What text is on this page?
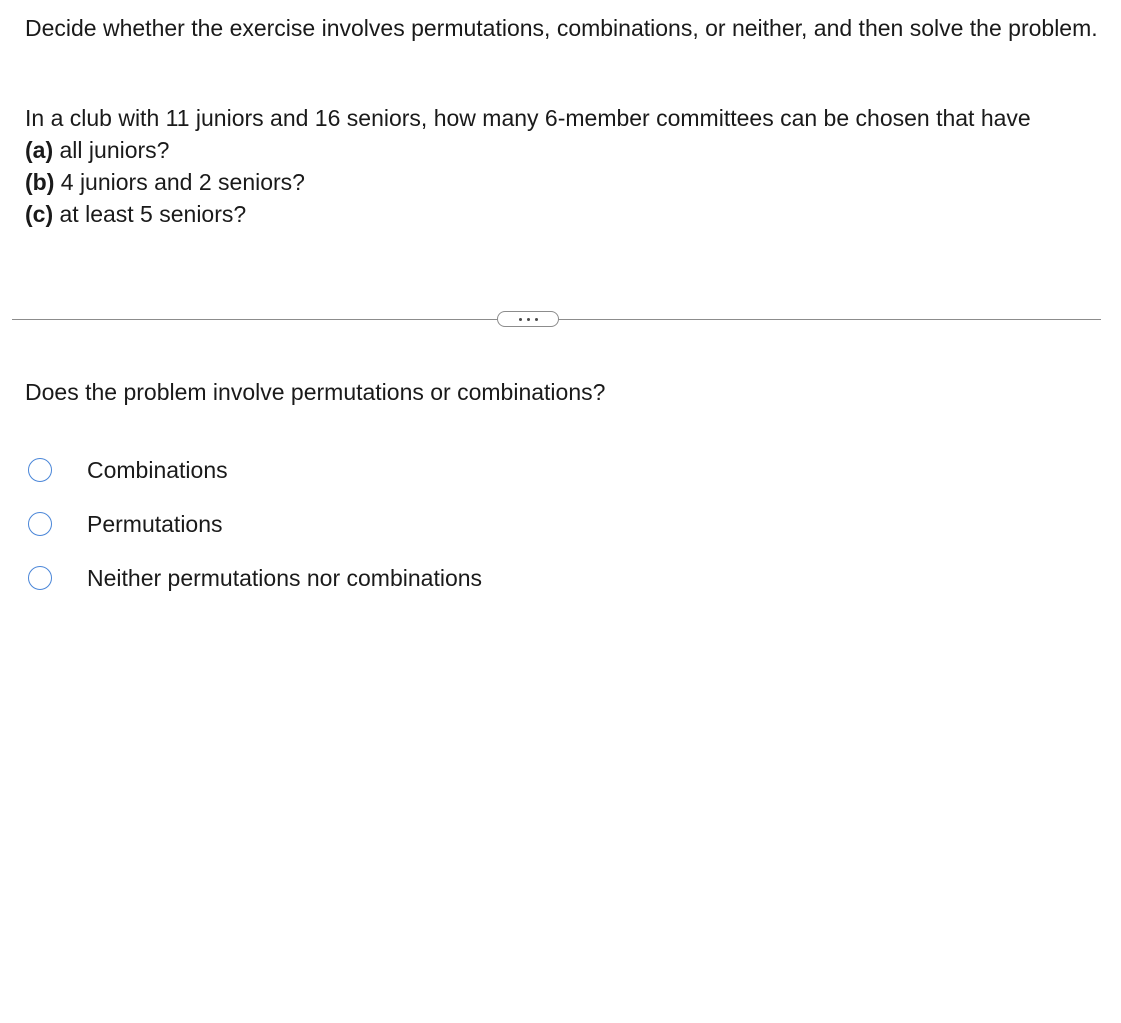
Decide whether the exercise involves permutations, combinations, or neither, and then solve the problem.
In a club with 11 juniors and 16 seniors, how many 6-member committees can be chosen that have
(a) all juniors?
(b) 4 juniors and 2 seniors?
(c) at least 5 seniors?
Does the problem involve permutations or combinations?
Combinations
Permutations
Neither permutations nor combinations
